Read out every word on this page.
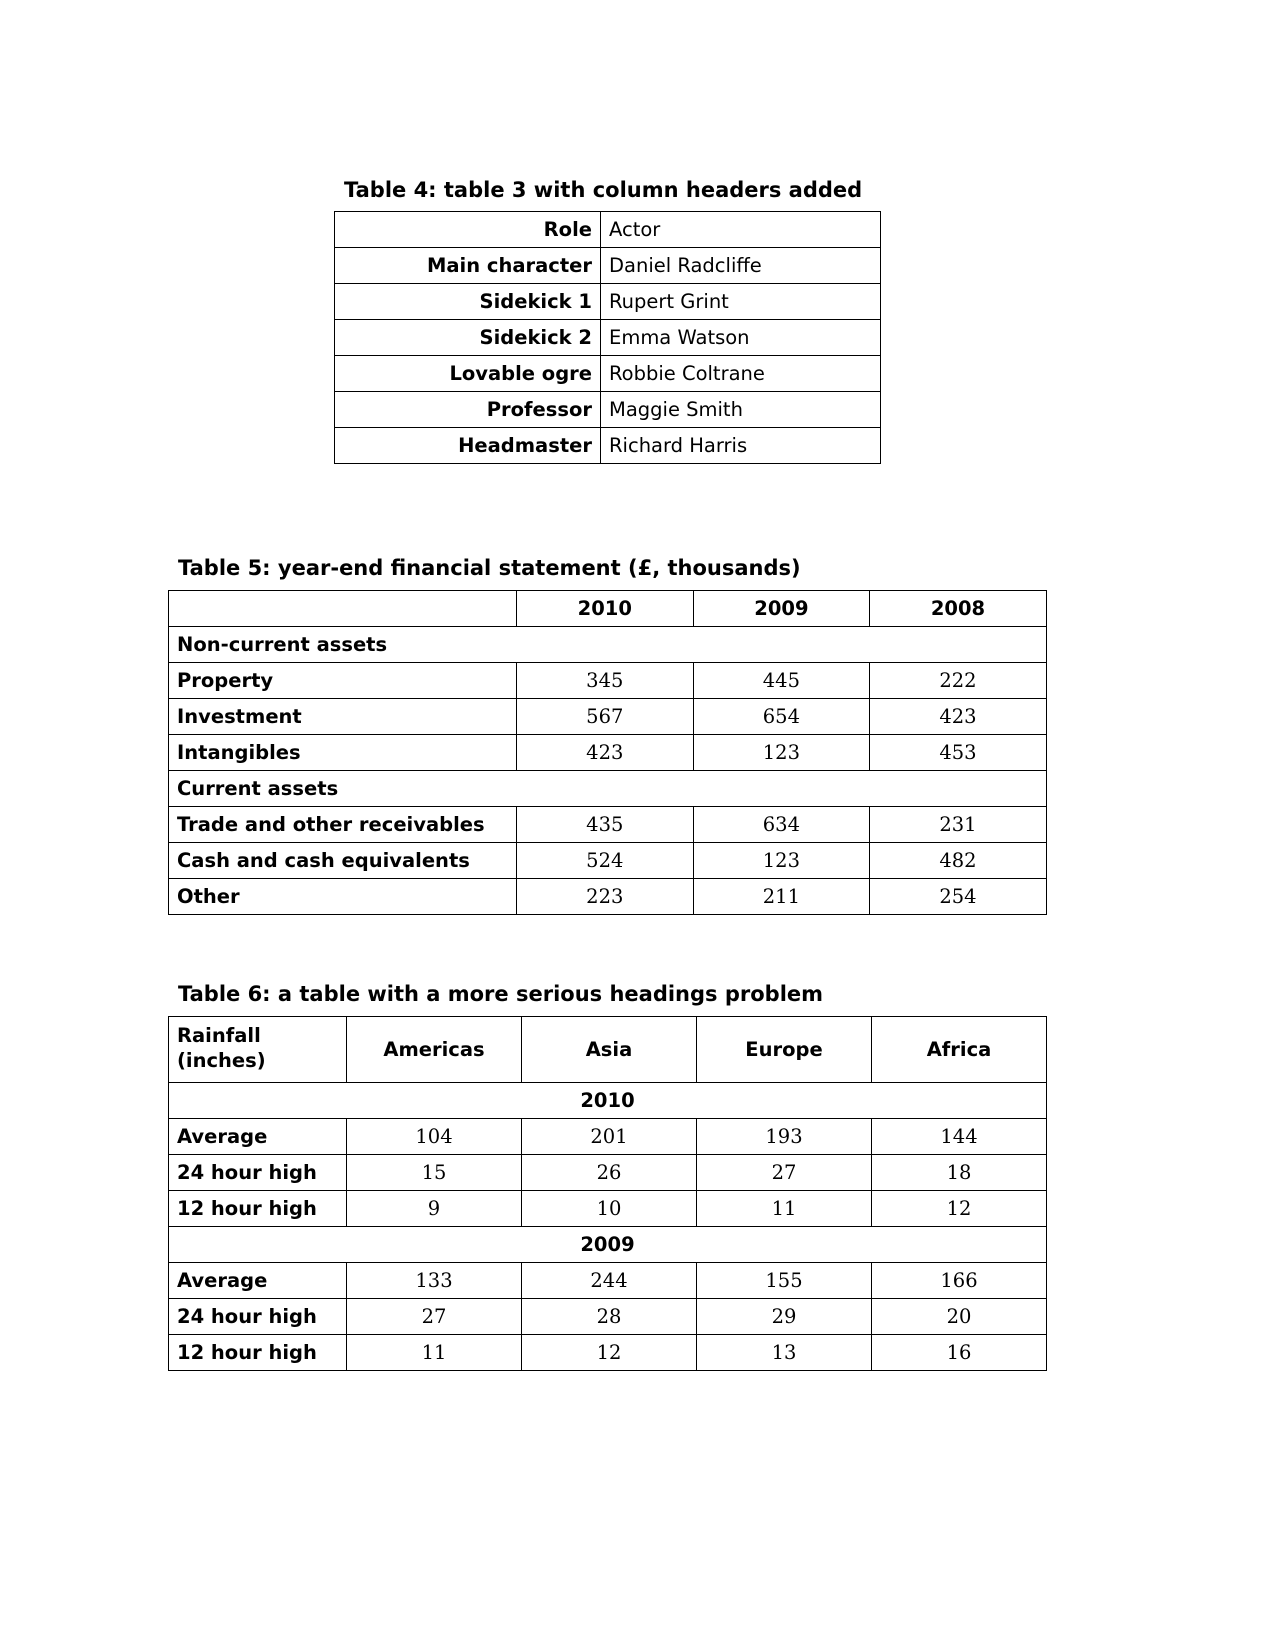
Table 4: table 3 with column headers added
Role	Actor
Main character	Daniel Radcliffe
Sidekick 1	Rupert Grint
Sidekick 2	Emma Watson
Lovable ogre	Robbie Coltrane
Professor	Maggie Smith
Headmaster	Richard Harris
Table 5: year-end financial statement (£, thousands)
	2010	2009	2008
Non-current assets			
Property	345	445	222
Investment	567	654	423
Intangibles	423	123	453
Current assets			
Trade and other receivables	435	634	231
Cash and cash equivalents	524	123	482
Other	223	211	254
Table 6: a table with a more serious headings problem
Rainfall
(inches)	Americas	Asia	Europe	Africa
2010				
Average	104	201	193	144
24 hour high	15	26	27	18
12 hour high	9	10	11	12
2009				
Average	133	244	155	166
24 hour high	27	28	29	20
12 hour high	11	12	13	16
